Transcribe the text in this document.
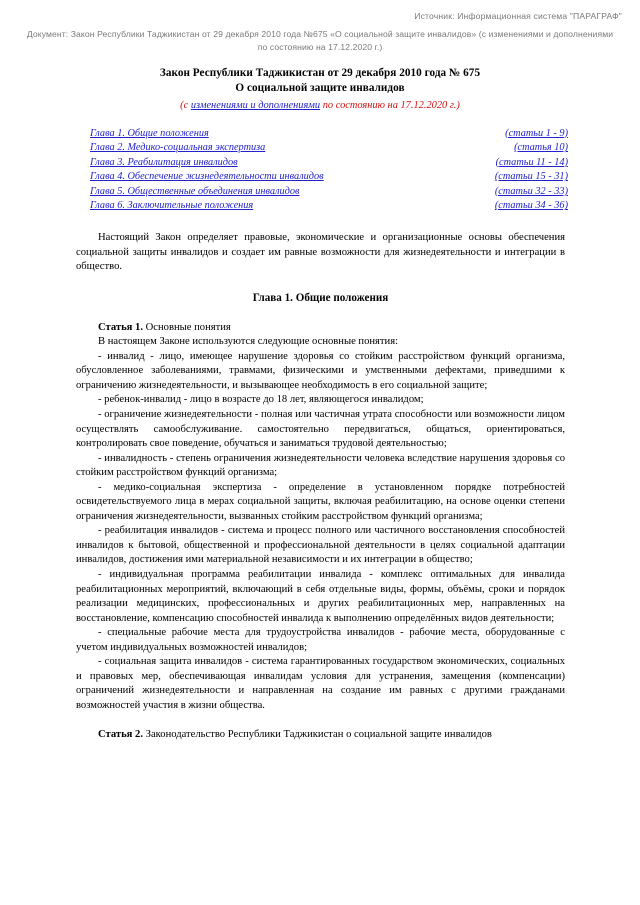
Источник: Информационная система "ПАРАГРАФ"
Документ: Закон Республики Таджикистан от 29 декабря 2010 года №675 «О социальной защите инвалидов» (с изменениями и дополнениями по состоянию на 17.12.2020 г.)
Закон Республики Таджикистан от 29 декабря 2010 года № 675
О социальной защите инвалидов
(с изменениями и дополнениями по состоянию на 17.12.2020 г.)
Глава 1. Общие положения	(статьи 1 - 9)
Глава 2. Медико-социальная экспертиза	(статья 10)
Глава 3. Реабилитация инвалидов	(статьи 11 - 14)
Глава 4. Обеспечение жизнедеятельности инвалидов	(статьи 15 - 31)
Глава 5. Общественные объединения инвалидов	(статьи 32 - 33)
Глава 6. Заключительные положения	(статьи 34 - 36)

Настоящий Закон определяет правовые, экономические и организационные основы обеспечения социальной защиты инвалидов и создает им равные возможности для жизнедеятельности и интеграции в общество.

Глава 1. Общие положения

Статья 1. Основные понятия

В настоящем Законе используются следующие основные понятия:

- инвалид - лицо, имеющее нарушение здоровья со стойким расстройством функций организма, обусловленное заболеваниями, травмами, физическими и умственными дефектами, приведшими к ограничению жизнедеятельности, и вызывающее необходимость в его социальной защите;

- ребенок-инвалид - лицо в возрасте до 18 лет, являющегося инвалидом;

- ограничение жизнедеятельности - полная или частичная утрата способности или возможности лицом осуществлять самообслуживание. самостоятельно передвигаться, общаться, ориентироваться, контролировать свое поведение, обучаться и заниматься трудовой деятельностью;

- инвалидность - степень ограничения жизнедеятельности человека вследствие нарушения здоровья со стойким расстройством функций организма;

- медико-социальная экспертиза - определение в установленном порядке потребностей освидетельствуемого лица в мерах социальной защиты, включая реабилитацию, на основе оценки степени ограничения жизнедеятельности, вызванных стойким расстройством функций организма;

- реабилитация инвалидов - система и процесс полного или частичного восстановления способностей инвалидов к бытовой, общественной и профессиональной деятельности в целях социальной адаптации инвалидов, достижения ими материальной независимости и их интеграции в общество;

- индивидуальная программа реабилитации инвалида - комплекс оптимальных для инвалида реабилитационных мероприятий, включающий в себя отдельные виды, формы, объёмы, сроки и порядок реализации медицинских, профессиональных и других реабилитационных мер, направленных на восстановление, компенсацию способностей инвалида к выполнению определённых видов деятельности;

- специальные рабочие места для трудоустройства инвалидов - рабочие места, оборудованные с учетом индивидуальных возможностей инвалидов;

- социальная защита инвалидов - система гарантированных государством экономических, социальных и правовых мер, обеспечивающая инвалидам условия для устранения, замещения (компенсации) ограничений жизнедеятельности и направленная на создание им равных с другими гражданами возможностей участия в жизни общества.

Статья 2. Законодательство Республики Таджикистан о социальной защите инвалидов
